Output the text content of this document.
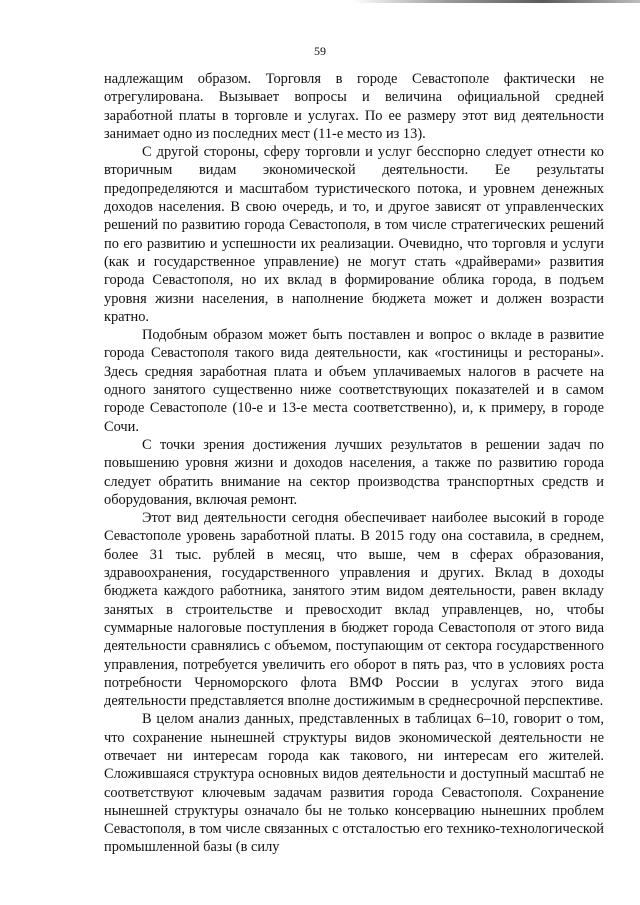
59

надлежащим образом. Торговля в городе Севастополе фактически не отрегулирована. Вызывает вопросы и величина официальной средней заработной платы в торговле и услугах. По ее размеру этот вид деятельности занимает одно из последних мест (11-е место из 13).

С другой стороны, сферу торговли и услуг бесспорно следует отнести ко вторичным видам экономической деятельности. Ее результаты предопределяются и масштабом туристического потока, и уровнем денежных доходов населения. В свою очередь, и то, и другое зависят от управленческих решений по развитию города Севастополя, в том числе стратегических решений по его развитию и успешности их реализации. Очевидно, что торговля и услуги (как и государственное управление) не могут стать «драйверами» развития города Севастополя, но их вклад в формирование облика города, в подъем уровня жизни населения, в наполнение бюджета может и должен возрасти кратно.

Подобным образом может быть поставлен и вопрос о вкладе в развитие города Севастополя такого вида деятельности, как «гостиницы и рестораны». Здесь средняя заработная плата и объем уплачиваемых налогов в расчете на одного занятого существенно ниже соответствующих показателей и в самом городе Севастополе (10-е и 13-е места соответственно), и, к примеру, в городе Сочи.

С точки зрения достижения лучших результатов в решении задач по повышению уровня жизни и доходов населения, а также по развитию города следует обратить внимание на сектор производства транспортных средств и оборудования, включая ремонт.

Этот вид деятельности сегодня обеспечивает наиболее высокий в городе Севастополе уровень заработной платы. В 2015 году она составила, в среднем, более 31 тыс. рублей в месяц, что выше, чем в сферах образования, здравоохранения, государственного управления и других. Вклад в доходы бюджета каждого работника, занятого этим видом деятельности, равен вкладу занятых в строительстве и превосходит вклад управленцев, но, чтобы суммарные налоговые поступления в бюджет города Севастополя от этого вида деятельности сравнялись с объемом, поступающим от сектора государственного управления, потребуется увеличить его оборот в пять раз, что в условиях роста потребности Черноморского флота ВМФ России в услугах этого вида деятельности представляется вполне достижимым в среднесрочной перспективе.

В целом анализ данных, представленных в таблицах 6–10, говорит о том, что сохранение нынешней структуры видов экономической деятельности не отвечает ни интересам города как такового, ни интересам его жителей. Сложившаяся структура основных видов деятельности и доступный масштаб не соответствуют ключевым задачам развития города Севастополя. Сохранение нынешней структуры означало бы не только консервацию нынешних проблем Севастополя, в том числе связанных с отсталостью его технико-технологической промышленной базы (в силу
